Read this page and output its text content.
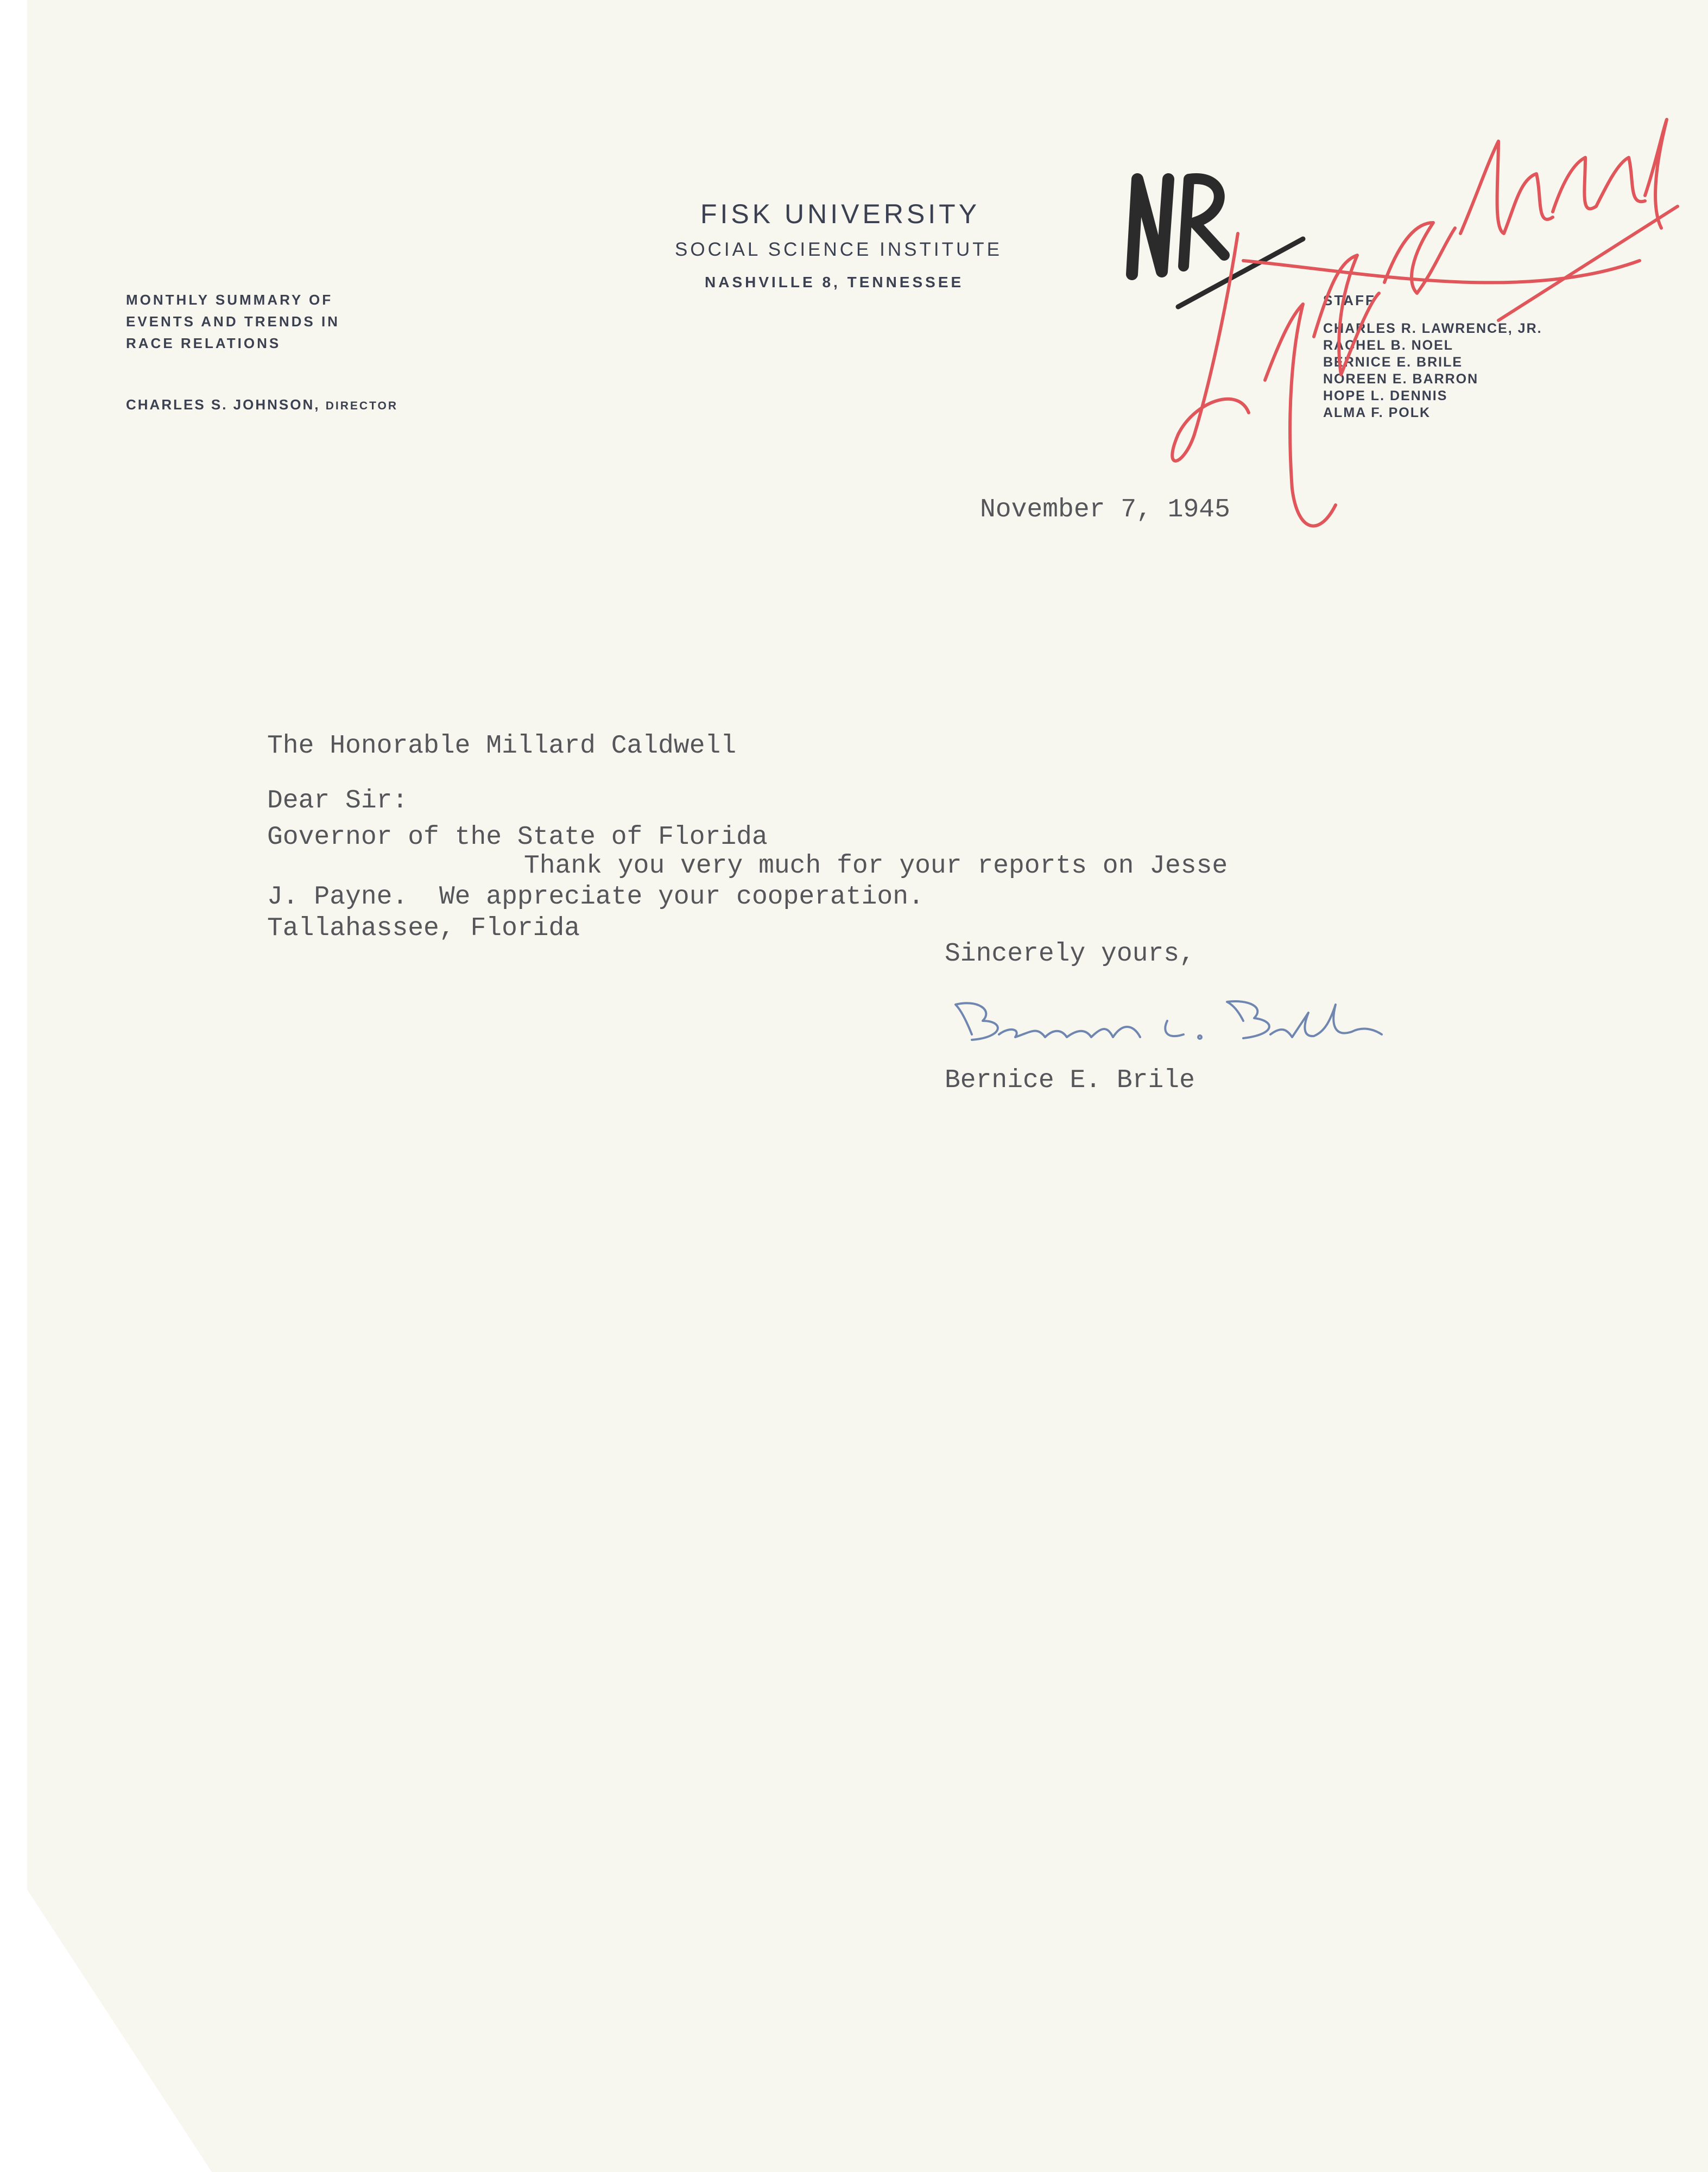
FISK UNIVERSITY
SOCIAL SCIENCE INSTITUTE
NASHVILLE 8, TENNESSEE
MONTHLY SUMMARY OF
EVENTS AND TRENDS IN
RACE RELATIONS
CHARLES S. JOHNSON, DIRECTOR
STAFF
CHARLES R. LAWRENCE, JR.
RACHEL B. NOEL
BERNICE E. BRILE
NOREEN E. BARRON
HOPE L. DENNIS
ALMA F. POLK
November 7, 1945

The Honorable Millard Caldwell

Governor of the State of Florida

Tallahassee, Florida

Dear Sir:
Thank you very much for your reports on Jesse
J. Payne.  We appreciate your cooperation.
Sincerely yours,
Bernice E. Brile
